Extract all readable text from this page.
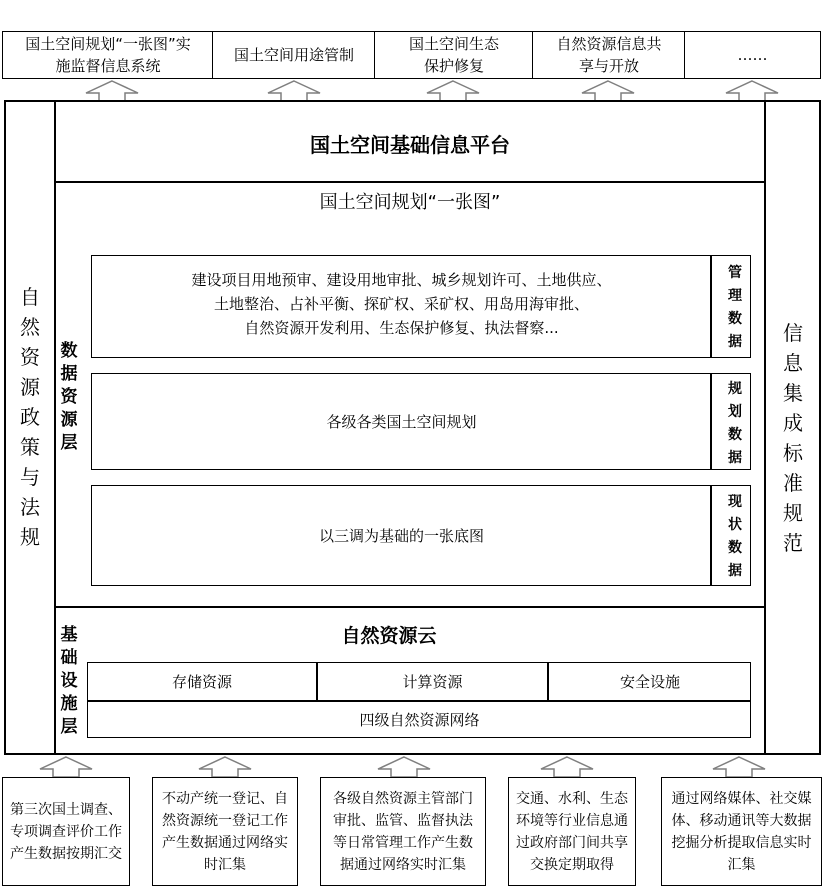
国土空间规划“一张图”实施监督信息系统
国土空间用途管制
国土空间生态保护修复
自然资源信息共享与开放
……
自然资源政策与法规
信息集成标准规范
国土空间基础信息平台
国土空间规划“一张图”
数据资源层
建设项目用地预审、建设用地审批、城乡规划许可、土地供应、
土地整治、占补平衡、探矿权、采矿权、用岛用海审批、
自然资源开发利用、生态保护修复、执法督察...
管理数据
各级各类国土空间规划
规划数据
以三调为基础的一张底图
现状数据
基础设施层
自然资源云
存储资源	计算资源	安全设施
四级自然资源网络
第三次国土调查、专项调查评价工作产生数据按期汇交
不动产统一登记、自然资源统一登记工作产生数据通过网络实时汇集
各级自然资源主管部门审批、监管、监督执法等日常管理工作产生数据通过网络实时汇集
交通、水利、生态环境等行业信息通过政府部门间共享交换定期取得
通过网络媒体、社交媒体、移动通讯等大数据挖掘分析提取信息实时汇集
